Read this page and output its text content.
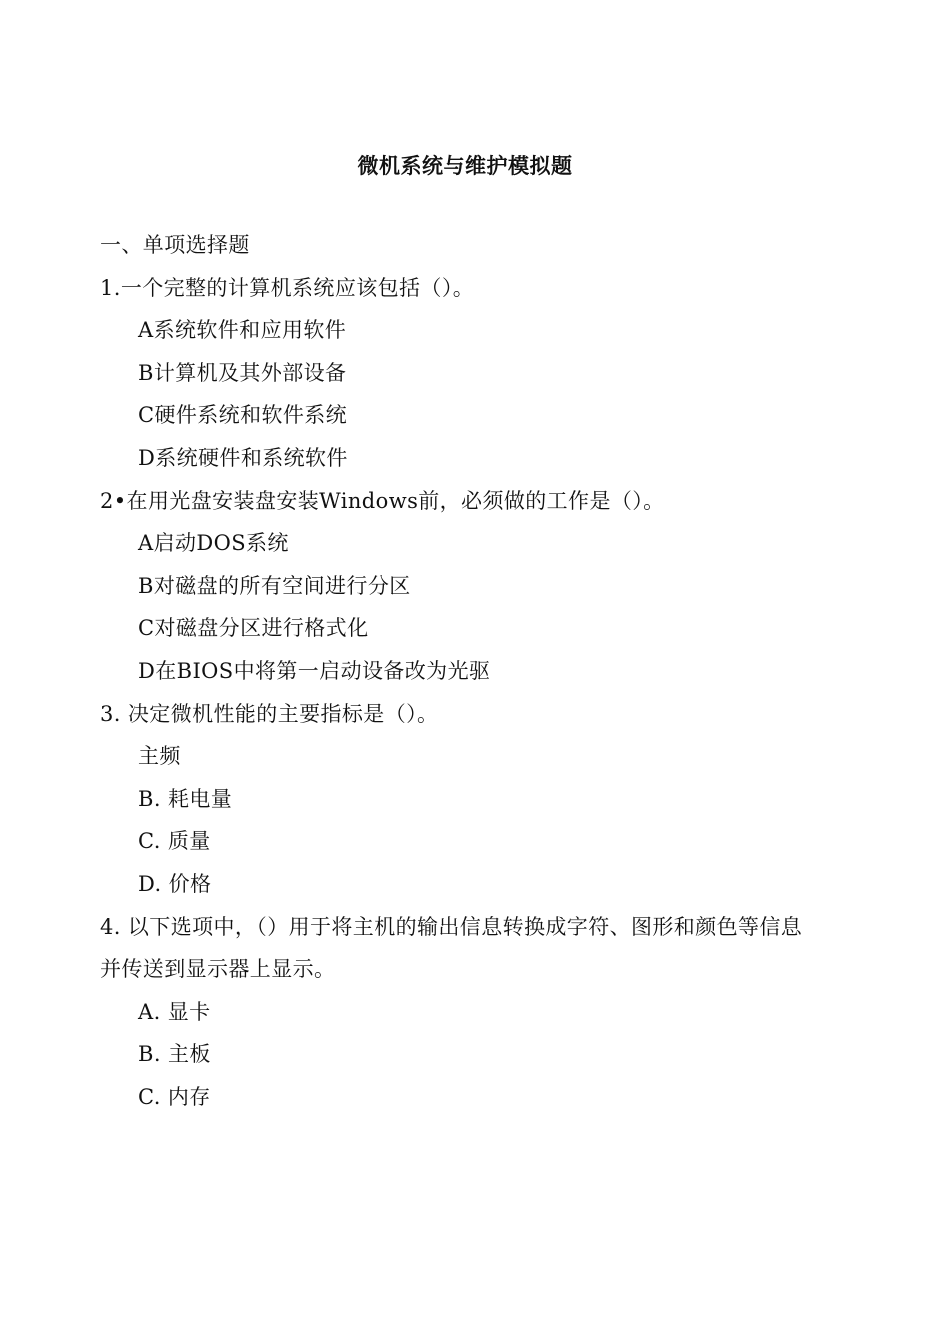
微机系统与维护模拟题
一、单项选择题
1.一个完整的计算机系统应该包括（）。
A系统软件和应用软件
B计算机及其外部设备
C硬件系统和软件系统
D系统硬件和系统软件
2•在用光盘安装盘安装Windows前，必须做的工作是（）。
A启动DOS系统
B对磁盘的所有空间进行分区
C对磁盘分区进行格式化
D在BIOS中将第一启动设备改为光驱
3. 决定微机性能的主要指标是（）。
主频
B. 耗电量
C. 质量
D. 价格
4. 以下选项中，（）用于将主机的输出信息转换成字符、图形和颜色等信息
并传送到显示器上显示。
A. 显卡
B. 主板
C. 内存
